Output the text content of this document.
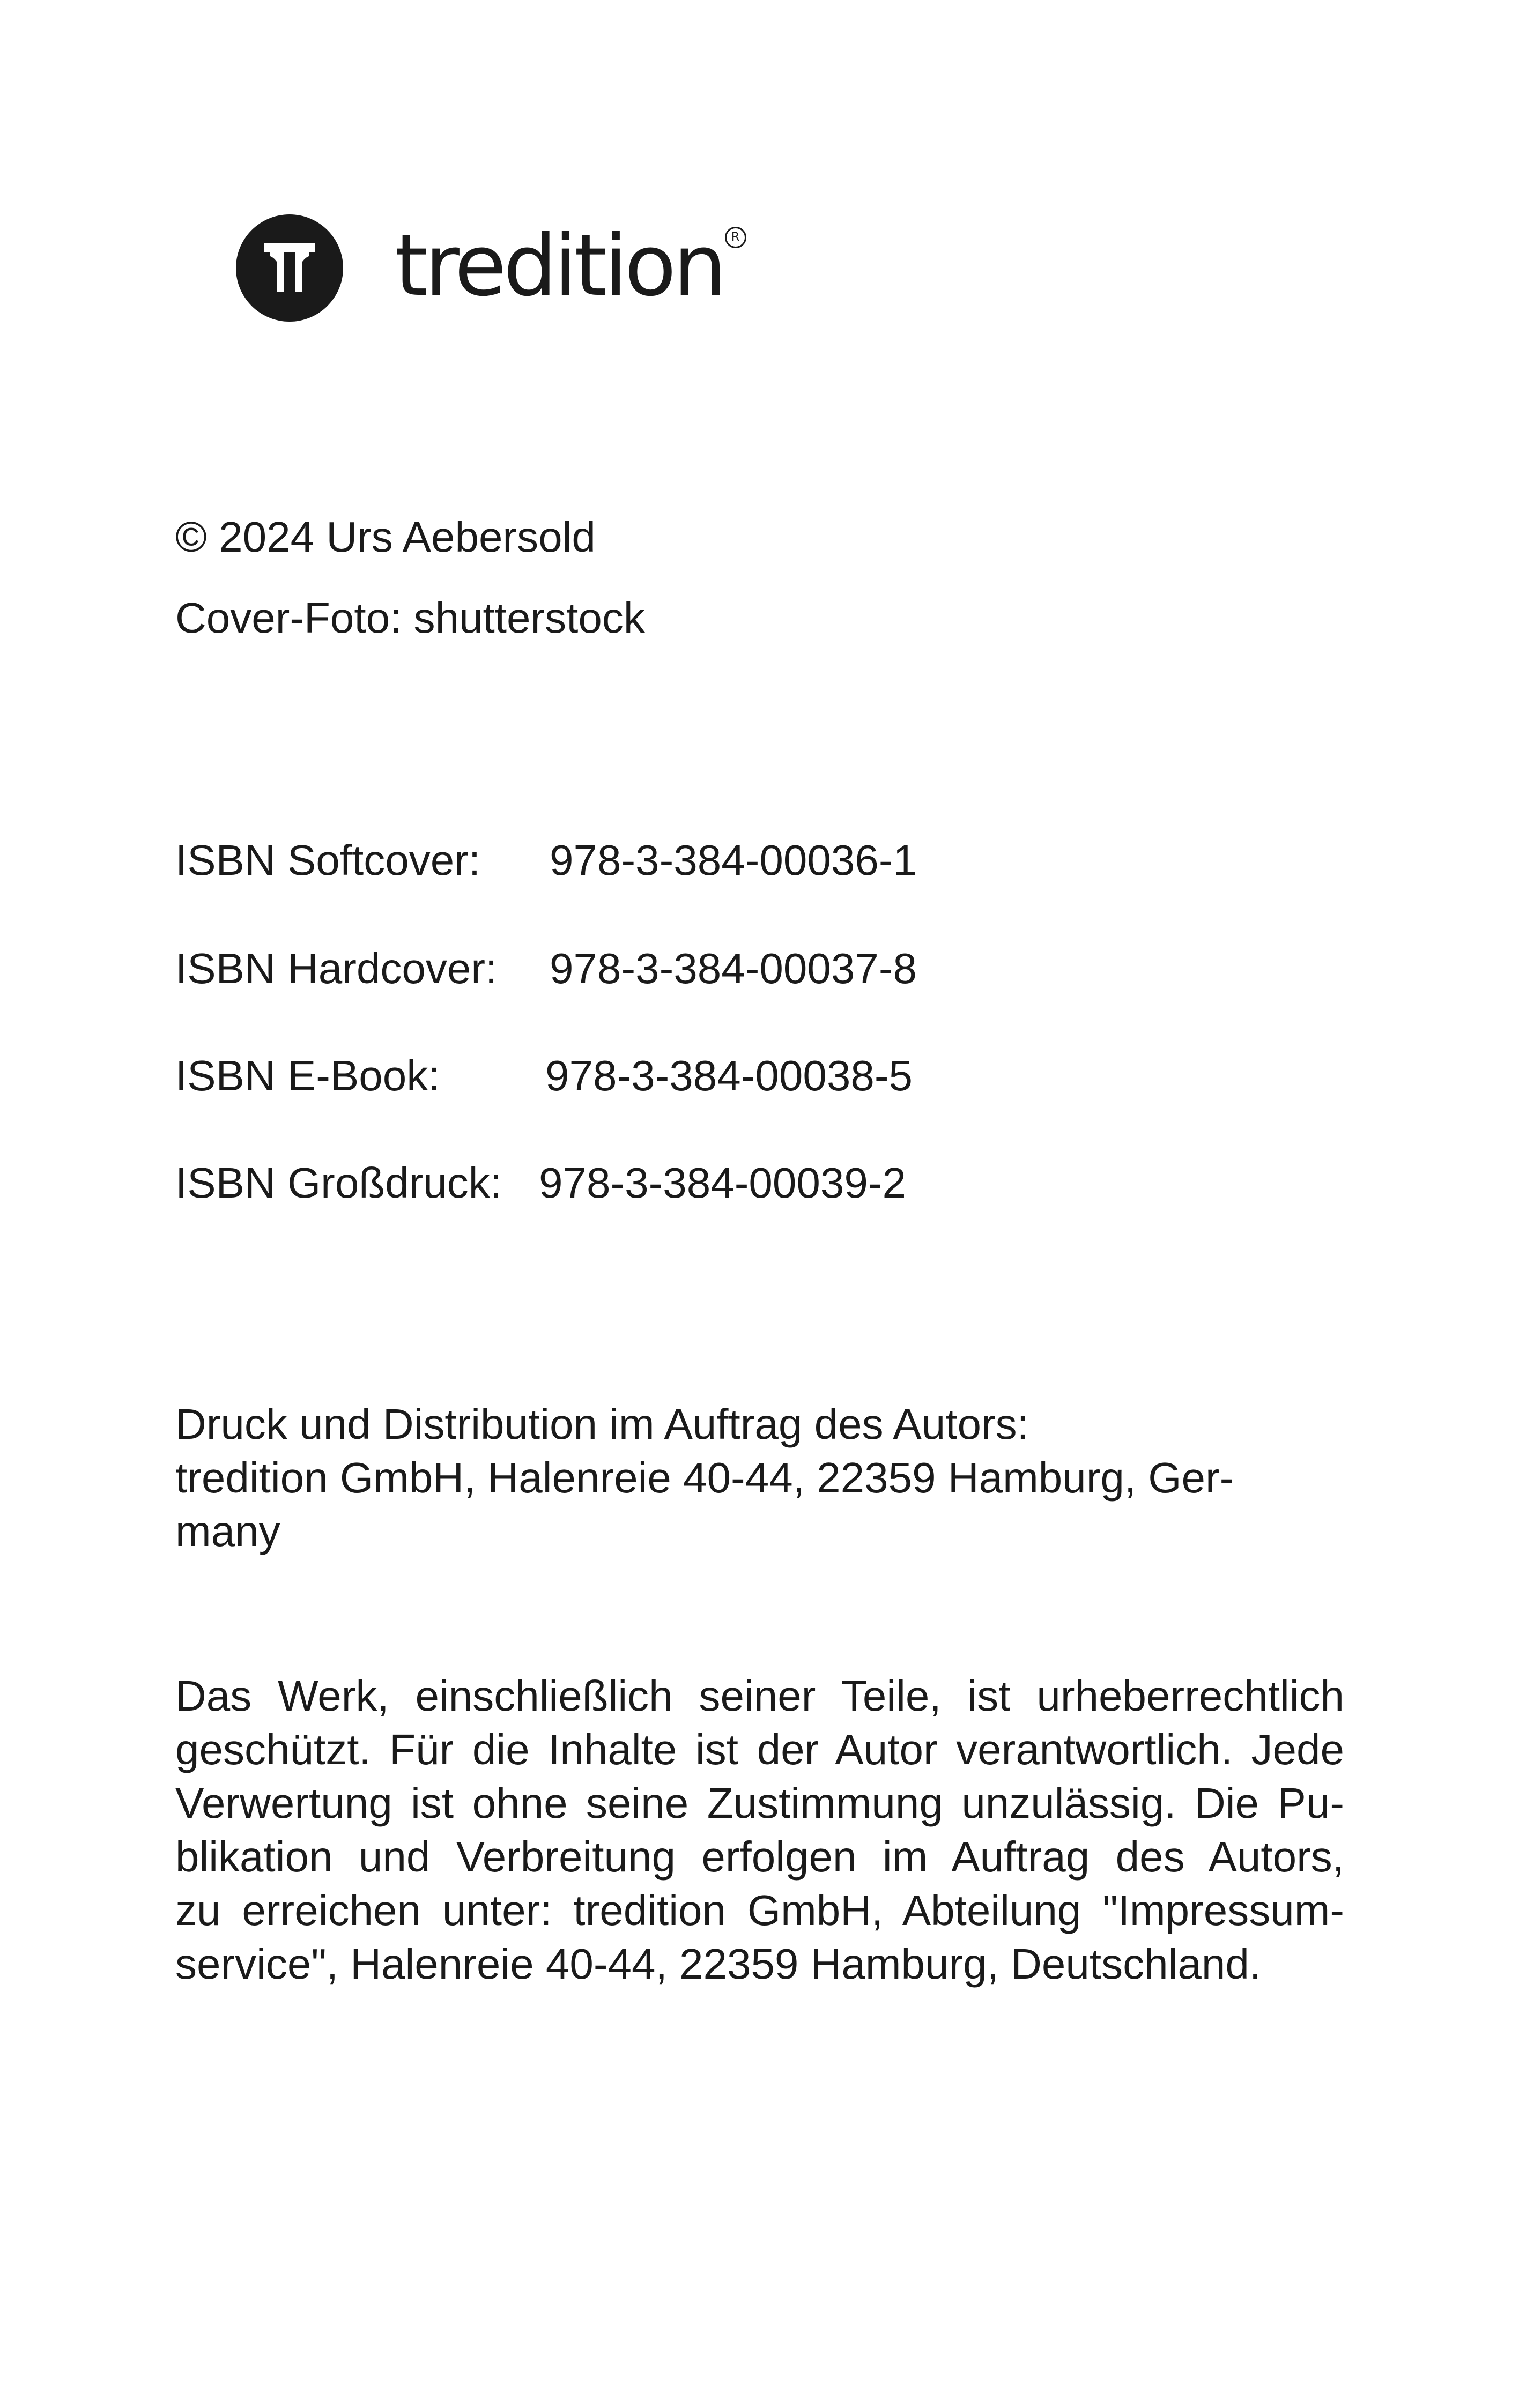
tredition R
© 2024 Urs Aebersold
Cover-Foto: shutterstock
ISBN Softcover: 978-3-384-00036-1
ISBN Hardcover: 978-3-384-00037-8
ISBN E-Book: 978-3-384-00038-5
ISBN Großdruck: 978-3-384-00039-2
Druck und Distribution im Auftrag des Autors:
tredition GmbH, Halenreie 40-44, 22359 Hamburg, Ger-
many
Das Werk, einschließlich seiner Teile, ist urheberrechtlich
geschützt. Für die Inhalte ist der Autor verantwortlich. Jede
Verwertung ist ohne seine Zustimmung unzulässig. Die Pu-
blikation und Verbreitung erfolgen im Auftrag des Autors,
zu erreichen unter: tredition GmbH, Abteilung "Impressum-
service", Halenreie 40-44, 22359 Hamburg, Deutschland.
